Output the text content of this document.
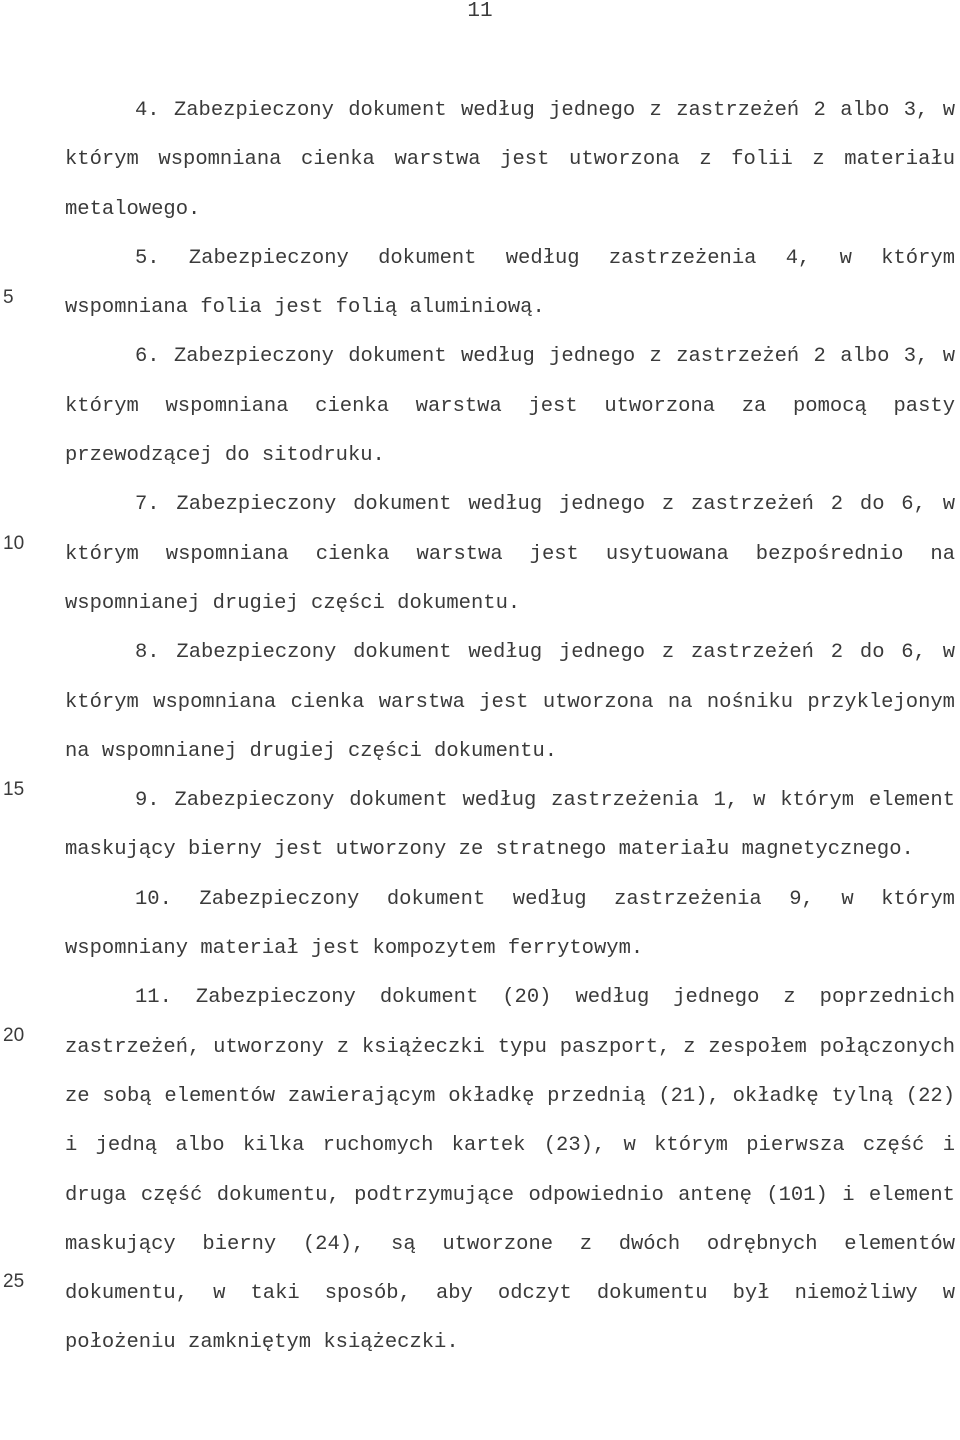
11
5
10
15
20
25

4. Zabezpieczony dokument według jednego z zastrzeżeń 2 albo 3, w którym wspomniana cienka warstwa jest utworzona z folii z materiału metalowego.

5. Zabezpieczony dokument według zastrzeżenia 4, w którym wspomniana folia jest folią aluminiową.

6. Zabezpieczony dokument według jednego z zastrzeżeń 2 albo 3, w którym wspomniana cienka warstwa jest utworzona za pomocą pasty przewodzącej do sitodruku.

7. Zabezpieczony dokument według jednego z zastrzeżeń 2 do 6, w którym wspomniana cienka warstwa jest usytuowana bezpośrednio na wspomnianej drugiej części dokumentu.

8. Zabezpieczony dokument według jednego z zastrzeżeń 2 do 6, w którym wspomniana cienka warstwa jest utworzona na nośniku przyklejonym na wspomnianej drugiej części dokumentu.

9. Zabezpieczony dokument według zastrzeżenia 1, w którym element maskujący bierny jest utworzony ze stratnego materiału magnetycznego.

10. Zabezpieczony dokument według zastrzeżenia 9, w którym wspomniany materiał jest kompozytem ferrytowym.

11. Zabezpieczony dokument (20) według jednego z poprzednich zastrzeżeń, utworzony z książeczki typu paszport, z zespołem połączonych ze sobą elementów zawierającym okładkę przednią (21), okładkę tylną (22) i jedną albo kilka ruchomych kartek (23), w którym pierwsza część i druga część dokumentu, podtrzymujące odpowiednio antenę (101) i element maskujący bierny (24), są utworzone z dwóch odrębnych elementów dokumentu, w taki sposób, aby odczyt dokumentu był niemożliwy w położeniu zamkniętym książeczki.
